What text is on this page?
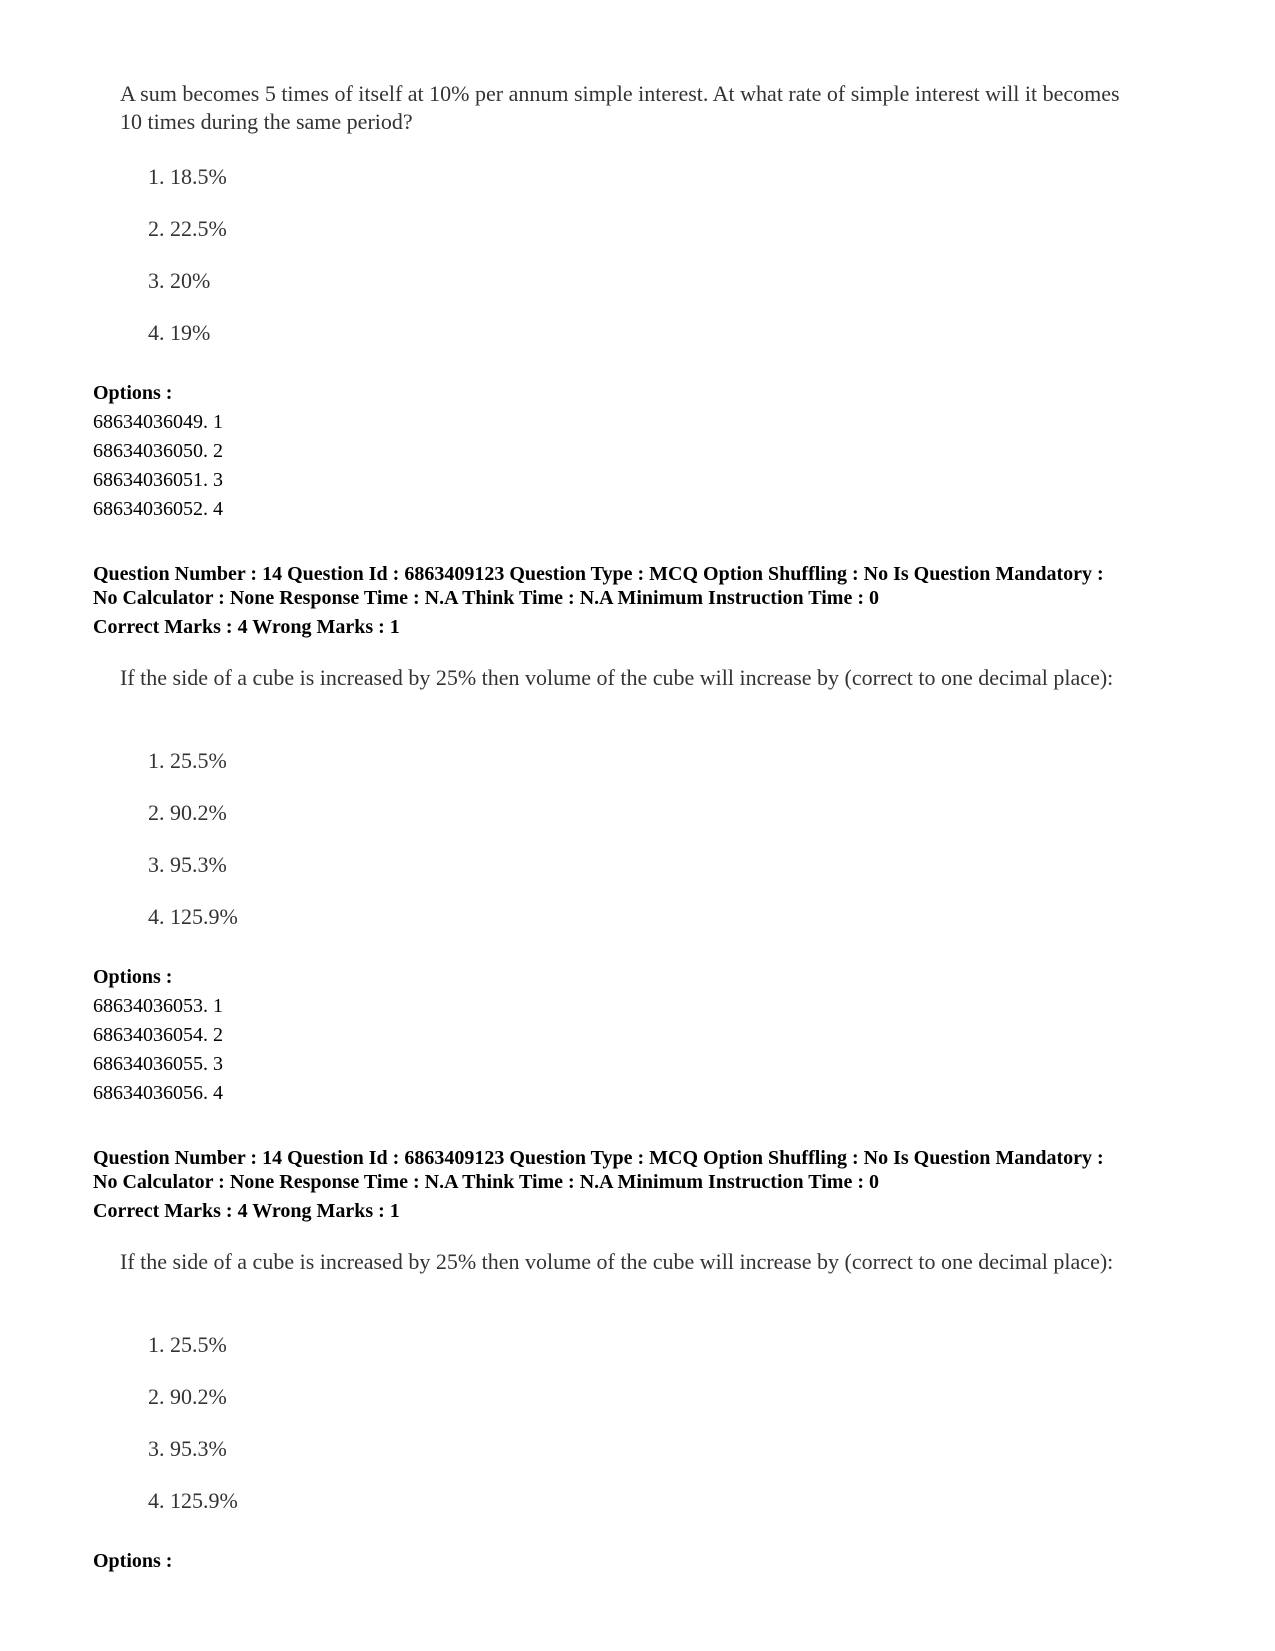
A sum becomes 5 times of itself at 10% per annum simple interest. At what rate of simple interest will it becomes 10 times during the same period?

1. 18.5%
2. 22.5%
3. 20%
4. 19%
Options :
68634036049. 1
68634036050. 2
68634036051. 3
68634036052. 4
Question Number : 14 Question Id : 6863409123 Question Type : MCQ Option Shuffling : No Is Question Mandatory :
No Calculator : None Response Time : N.A Think Time : N.A Minimum Instruction Time : 0
Correct Marks : 4 Wrong Marks : 1

If the side of a cube is increased by 25% then volume of the cube will increase by (correct to one decimal place):

1. 25.5%
2. 90.2%
3. 95.3%
4. 125.9%
Options :
68634036053. 1
68634036054. 2
68634036055. 3
68634036056. 4
Question Number : 14 Question Id : 6863409123 Question Type : MCQ Option Shuffling : No Is Question Mandatory :
No Calculator : None Response Time : N.A Think Time : N.A Minimum Instruction Time : 0
Correct Marks : 4 Wrong Marks : 1

If the side of a cube is increased by 25% then volume of the cube will increase by (correct to one decimal place):

1. 25.5%
2. 90.2%
3. 95.3%
4. 125.9%
Options :
